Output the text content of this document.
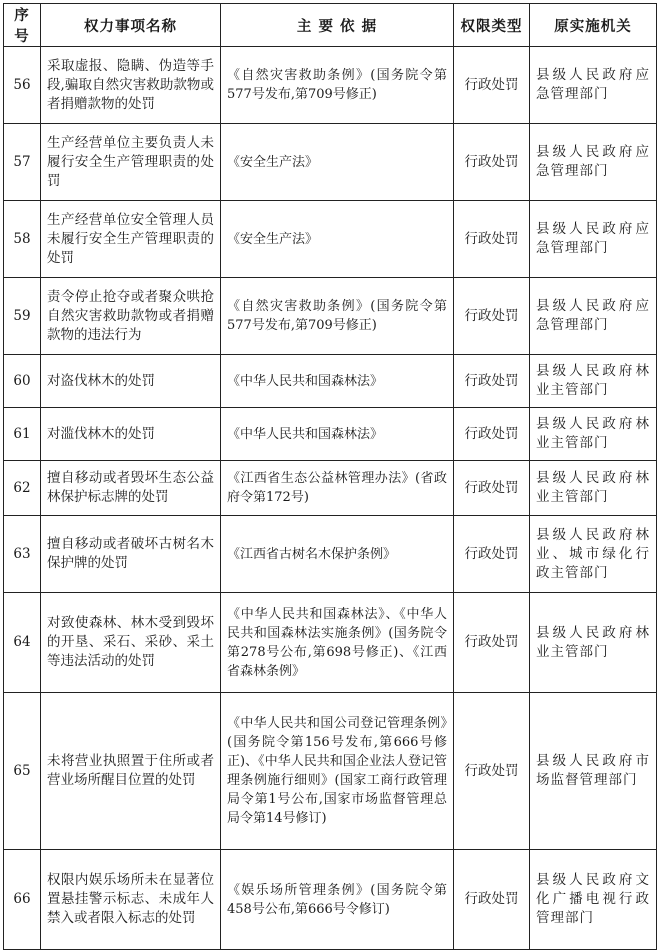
序号	权力事项名称	主 要 依 据	权限类型	原实施机关
56	采取虚报、隐瞒、伪造等手段,骗取自然灾害救助款物或者捐赠款物的处罚	《自然灾害救助条例》(国务院令第577号发布,第709号修正)	行政处罚	县级人民政府应急管理部门
57	生产经营单位主要负责人未履行安全生产管理职责的处罚	《安全生产法》	行政处罚	县级人民政府应急管理部门
58	生产经营单位安全管理人员未履行安全生产管理职责的处罚	《安全生产法》	行政处罚	县级人民政府应急管理部门
59	责令停止抢夺或者聚众哄抢自然灾害救助款物或者捐赠款物的违法行为	《自然灾害救助条例》(国务院令第577号发布,第709号修正)	行政处罚	县级人民政府应急管理部门
60	对盗伐林木的处罚	《中华人民共和国森林法》	行政处罚	县级人民政府林业主管部门
61	对滥伐林木的处罚	《中华人民共和国森林法》	行政处罚	县级人民政府林业主管部门
62	擅自移动或者毁坏生态公益林保护标志牌的处罚	《江西省生态公益林管理办法》(省政府令第172号)	行政处罚	县级人民政府林业主管部门
63	擅自移动或者破坏古树名木保护牌的处罚	《江西省古树名木保护条例》	行政处罚	县级人民政府林业、城市绿化行政主管部门
64	对致使森林、林木受到毁坏的开垦、采石、采砂、采土等违法活动的处罚	《中华人民共和国森林法》、《中华人民共和国森林法实施条例》(国务院令第278号公布,第698号修正)、《江西省森林条例》	行政处罚	县级人民政府林业主管部门
65	未将营业执照置于住所或者营业场所醒目位置的处罚	《中华人民共和国公司登记管理条例》(国务院令第156号发布,第666号修正)、《中华人民共和国企业法人登记管理条例施行细则》(国家工商行政管理局令第1号公布,国家市场监督管理总局令第14号修订)	行政处罚	县级人民政府市场监督管理部门
66	权限内娱乐场所未在显著位置悬挂警示标志、未成年人禁入或者限入标志的处罚	《娱乐场所管理条例》(国务院令第458号公布,第666号令修订)	行政处罚	县级人民政府文化广播电视行政管理部门
